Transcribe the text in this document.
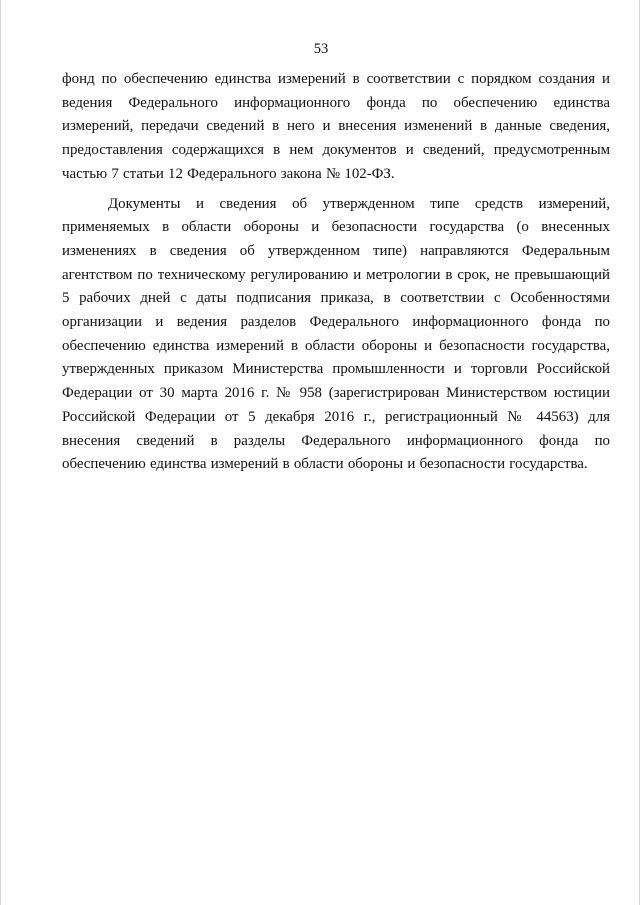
53
фонд по обеспечению единства измерений в соответствии с порядком создания и
ведения Федерального информационного фонда по обеспечению единства
измерений, передачи сведений в него и внесения изменений в данные сведения,
предоставления содержащихся в нем документов и сведений, предусмотренным
частью 7 статьи 12 Федерального закона № 102-ФЗ.
Документы и сведения об утвержденном типе средств измерений,
применяемых в области обороны и безопасности государства (о внесенных
изменениях в сведения об утвержденном типе) направляются Федеральным
агентством по техническому регулированию и метрологии в срок, не превышающий
5 рабочих дней с даты подписания приказа, в соответствии с Особенностями
организации и ведения разделов Федерального информационного фонда по
обеспечению единства измерений в области обороны и безопасности государства,
утвержденных приказом Министерства промышленности и торговли Российской
Федерации от 30 марта 2016 г. № 958 (зарегистрирован Министерством юстиции
Российской Федерации от 5 декабря 2016 г., регистрационный № 44563) для
внесения сведений в разделы Федерального информационного фонда по
обеспечению единства измерений в области обороны и безопасности государства.
